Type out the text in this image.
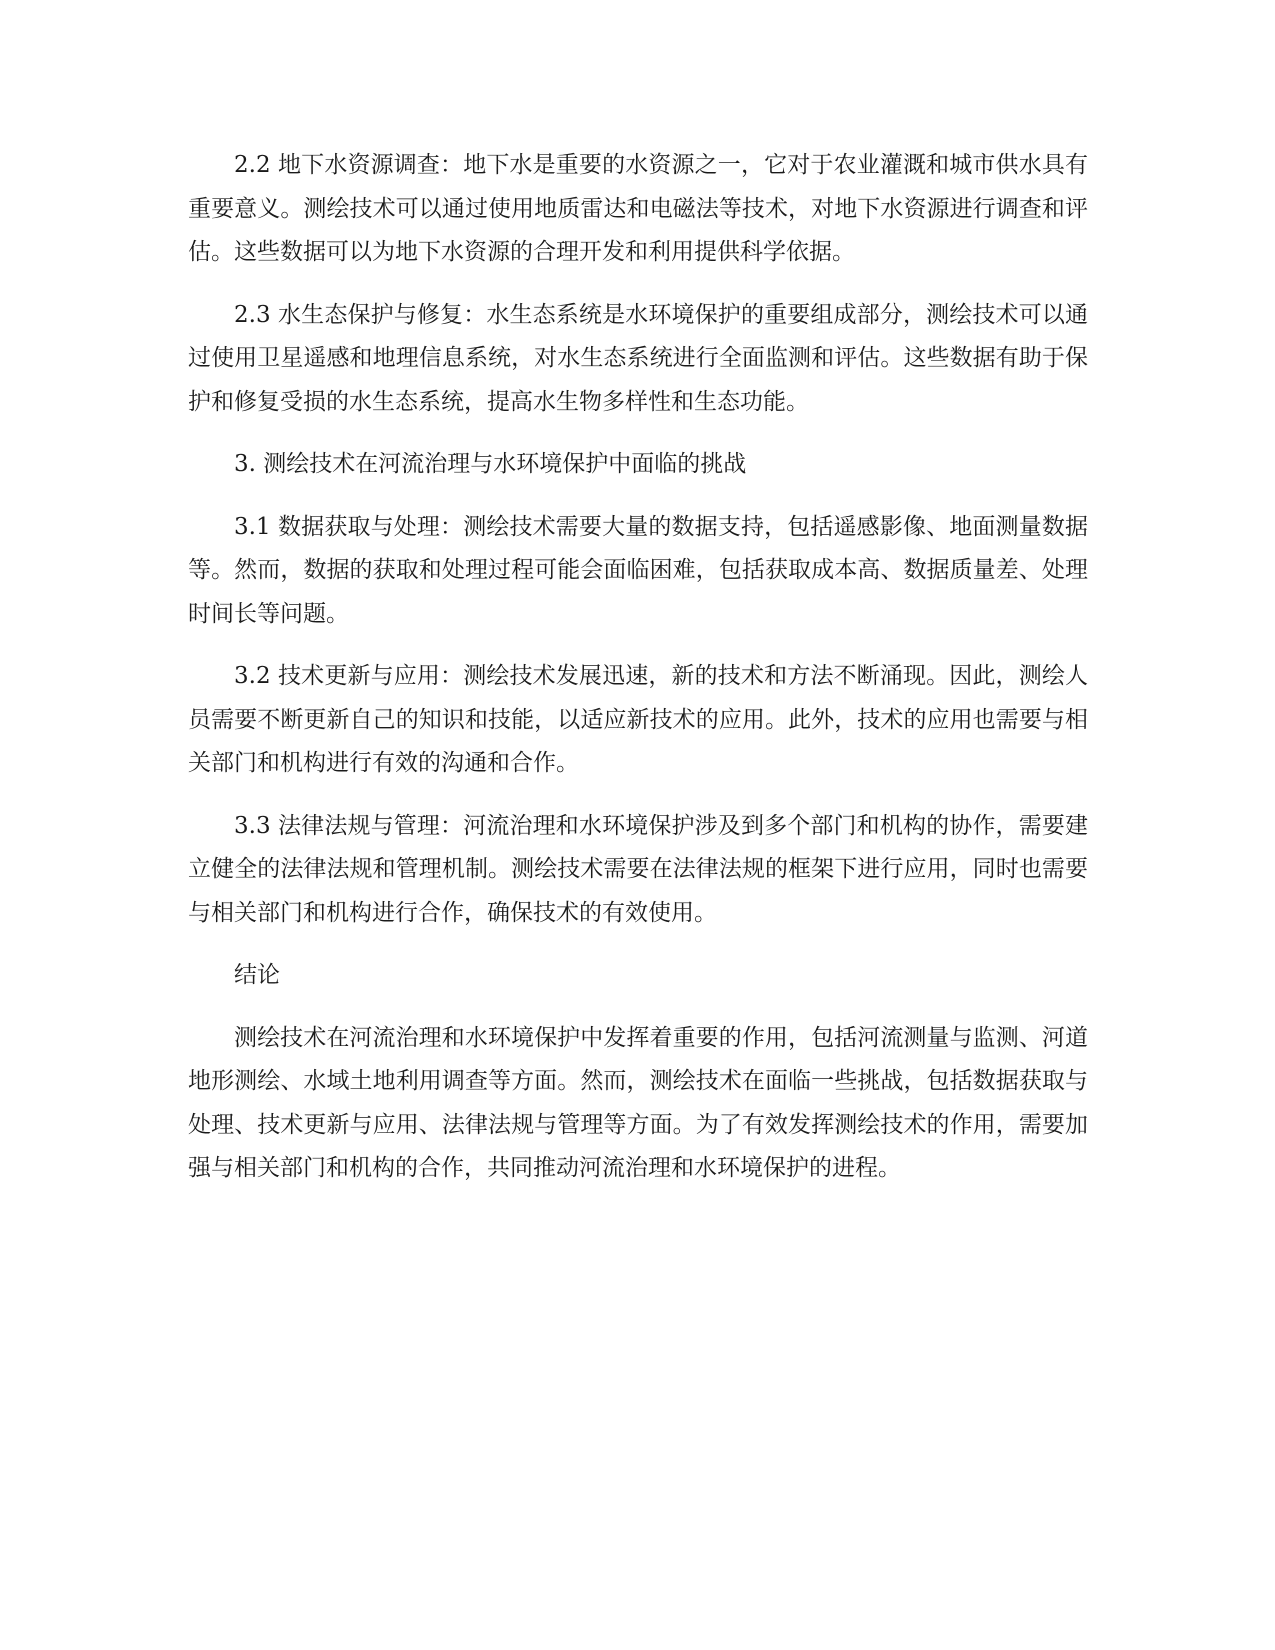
2.2 地下水资源调查：地下水是重要的水资源之一，它对于农业灌溉和城市供水具有重要意义。测绘技术可以通过使用地质雷达和电磁法等技术，对地下水资源进行调查和评估。这些数据可以为地下水资源的合理开发和利用提供科学依据。

2.3 水生态保护与修复：水生态系统是水环境保护的重要组成部分，测绘技术可以通过使用卫星遥感和地理信息系统，对水生态系统进行全面监测和评估。这些数据有助于保护和修复受损的水生态系统，提高水生物多样性和生态功能。

3. 测绘技术在河流治理与水环境保护中面临的挑战

3.1 数据获取与处理：测绘技术需要大量的数据支持，包括遥感影像、地面测量数据等。然而，数据的获取和处理过程可能会面临困难，包括获取成本高、数据质量差、处理时间长等问题。

3.2 技术更新与应用：测绘技术发展迅速，新的技术和方法不断涌现。因此，测绘人员需要不断更新自己的知识和技能，以适应新技术的应用。此外，技术的应用也需要与相关部门和机构进行有效的沟通和合作。

3.3 法律法规与管理：河流治理和水环境保护涉及到多个部门和机构的协作，需要建立健全的法律法规和管理机制。测绘技术需要在法律法规的框架下进行应用，同时也需要与相关部门和机构进行合作，确保技术的有效使用。

结论

测绘技术在河流治理和水环境保护中发挥着重要的作用，包括河流测量与监测、河道地形测绘、水域土地利用调查等方面。然而，测绘技术在面临一些挑战，包括数据获取与处理、技术更新与应用、法律法规与管理等方面。为了有效发挥测绘技术的作用，需要加强与相关部门和机构的合作，共同推动河流治理和水环境保护的进程。
